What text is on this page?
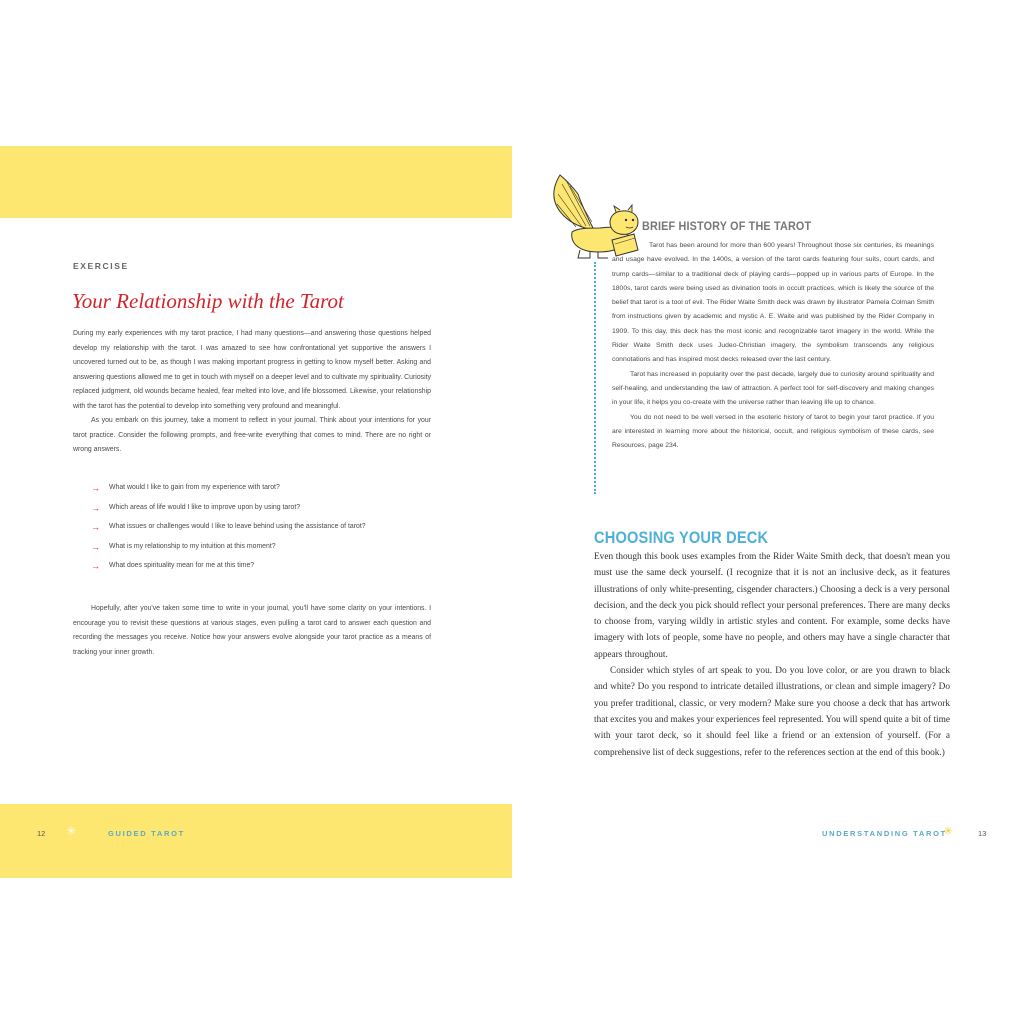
EXERCISE
Your Relationship with the Tarot

During my early experiences with my tarot practice, I had many questions—and answering those questions helped develop my relationship with the tarot. I was amazed to see how confrontational yet supportive the answers I uncovered turned out to be, as though I was making important progress in getting to know myself better. Asking and answering questions allowed me to get in touch with myself on a deeper level and to cultivate my spirituality. Curiosity replaced judgment, old wounds became healed, fear melted into love, and life blossomed. Likewise, your relationship with the tarot has the potential to develop into something very profound and meaningful.

As you embark on this journey, take a moment to reflect in your journal. Think about your intentions for your tarot practice. Consider the following prompts, and free-write everything that comes to mind. There are no right or wrong answers.

→ What would I like to gain from my experience with tarot?
→ Which areas of life would I like to improve upon by using tarot?
→ What issues or challenges would I like to leave behind using the assistance of tarot?
→ What is my relationship to my intuition at this moment?
→ What does spirituality mean for me at this time?

Hopefully, after you've taken some time to write in your journal, you'll have some clarity on your intentions. I encourage you to revisit these questions at various stages, even pulling a tarot card to answer each question and recording the messages you receive. Notice how your answers evolve alongside your tarot practice as a means of tracking your inner growth.

12 ✳	GUIDED TAROT
BRIEF HISTORY OF THE TAROT

Tarot has been around for more than 600 years! Throughout those six centuries, its meanings and usage have evolved. In the 1400s, a version of the tarot cards featuring four suits, court cards, and trump cards—similar to a traditional deck of playing cards—popped up in various parts of Europe. In the 1800s, tarot cards were being used as divination tools in occult practices, which is likely the source of the belief that tarot is a tool of evil. The Rider Waite Smith deck was drawn by illustrator Pamela Colman Smith from instructions given by academic and mystic A. E. Waite and was published by the Rider Company in 1909. To this day, this deck has the most iconic and recognizable tarot imagery in the world. While the Rider Waite Smith deck uses Judeo-Christian imagery, the symbolism transcends any religious connotations and has inspired most decks released over the last century.

Tarot has increased in popularity over the past decade, largely due to curiosity around spirituality and self-healing, and understanding the law of attraction. A perfect tool for self-discovery and making changes in your life, it helps you co-create with the universe rather than leaving life up to chance.

You do not need to be well versed in the esoteric history of tarot to begin your tarot practice. If you are interested in learning more about the historical, occult, and religious symbolism of these cards, see Resources, page 234.

CHOOSING YOUR DECK

Even though this book uses examples from the Rider Waite Smith deck, that doesn't mean you must use the same deck yourself. (I recognize that it is not an inclusive deck, as it features illustrations of only white-presenting, cisgender characters.) Choosing a deck is a very personal decision, and the deck you pick should reflect your personal preferences. There are many decks to choose from, varying wildly in artistic styles and content. For example, some decks have imagery with lots of people, some have no people, and others may have a single character that appears throughout.

Consider which styles of art speak to you. Do you love color, or are you drawn to black and white? Do you respond to intricate detailed illustrations, or clean and simple imagery? Do you prefer traditional, classic, or very modern? Make sure you choose a deck that has artwork that excites you and makes your experiences feel represented. You will spend quite a bit of time with your tarot deck, so it should feel like a friend or an extension of yourself. (For a comprehensive list of deck suggestions, refer to the references section at the end of this book.)

UNDERSTANDING TAROT
✳	13
